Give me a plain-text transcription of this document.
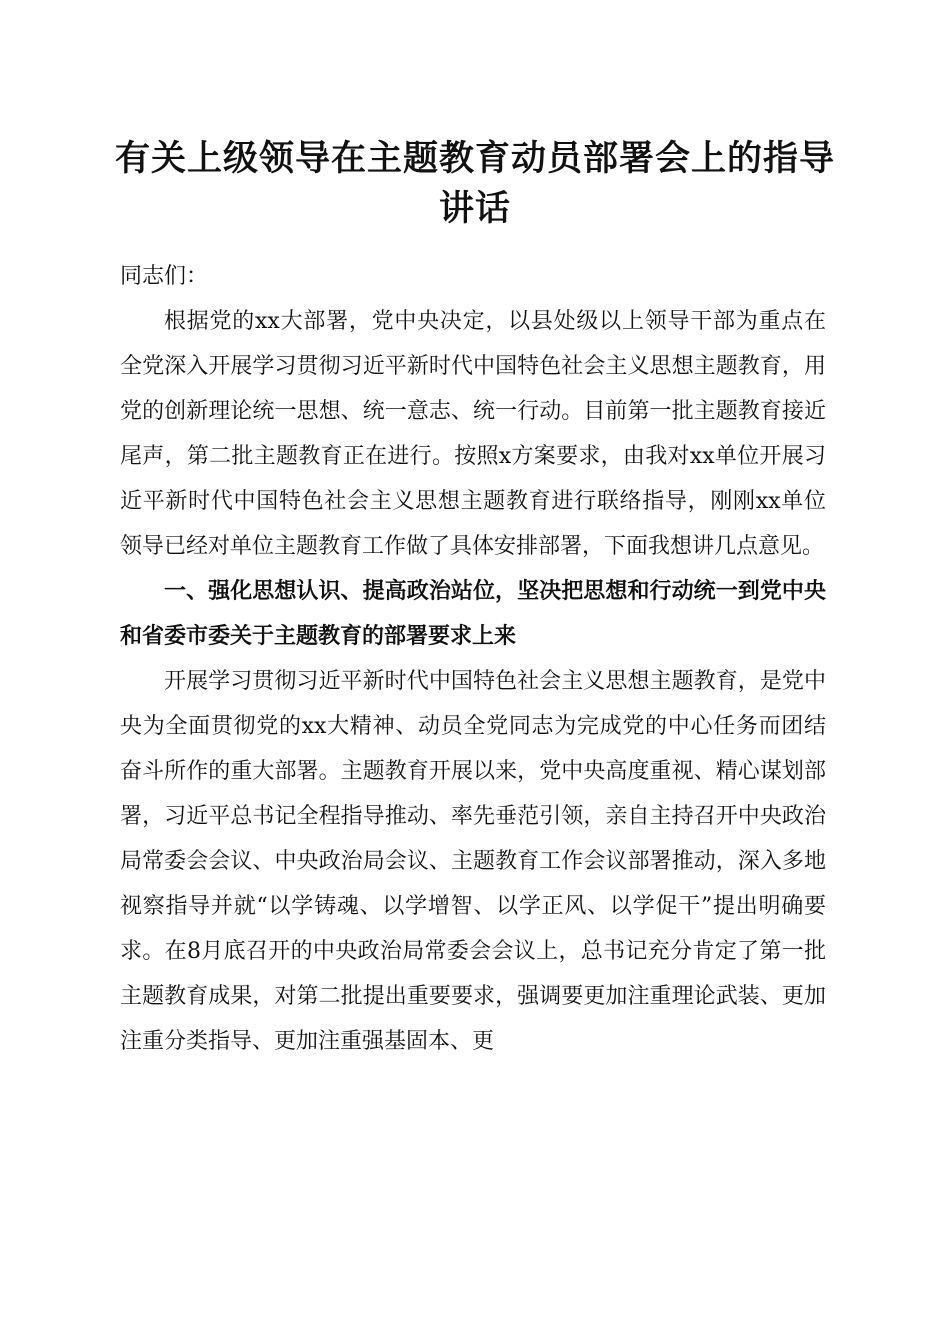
有关上级领导在主题教育动员部署会上的指导讲话

同志们：

根据党的xx大部署，党中央决定，以县处级以上领导干部为重点在全党深入开展学习贯彻习近平新时代中国特色社会主义思想主题教育，用党的创新理论统一思想、统一意志、统一行动。目前第一批主题教育接近尾声，第二批主题教育正在进行。按照x方案要求，由我对xx单位开展习近平新时代中国特色社会主义思想主题教育进行联络指导，刚刚xx单位领导已经对单位主题教育工作做了具体安排部署，下面我想讲几点意见。

一、强化思想认识、提高政治站位，坚决把思想和行动统一到党中央和省委市委关于主题教育的部署要求上来

开展学习贯彻习近平新时代中国特色社会主义思想主题教育，是党中央为全面贯彻党的xx大精神、动员全党同志为完成党的中心任务而团结奋斗所作的重大部署。主题教育开展以来，党中央高度重视、精心谋划部署，习近平总书记全程指导推动、率先垂范引领，亲自主持召开中央政治局常委会会议、中央政治局会议、主题教育工作会议部署推动，深入多地视察指导并就“以学铸魂、以学增智、以学正风、以学促干”提出明确要求。在8月底召开的中央政治局常委会会议上，总书记充分肯定了第一批主题教育成果，对第二批提出重要要求，强调要更加注重理论武装、更加注重分类指导、更加注重强基固本、更
